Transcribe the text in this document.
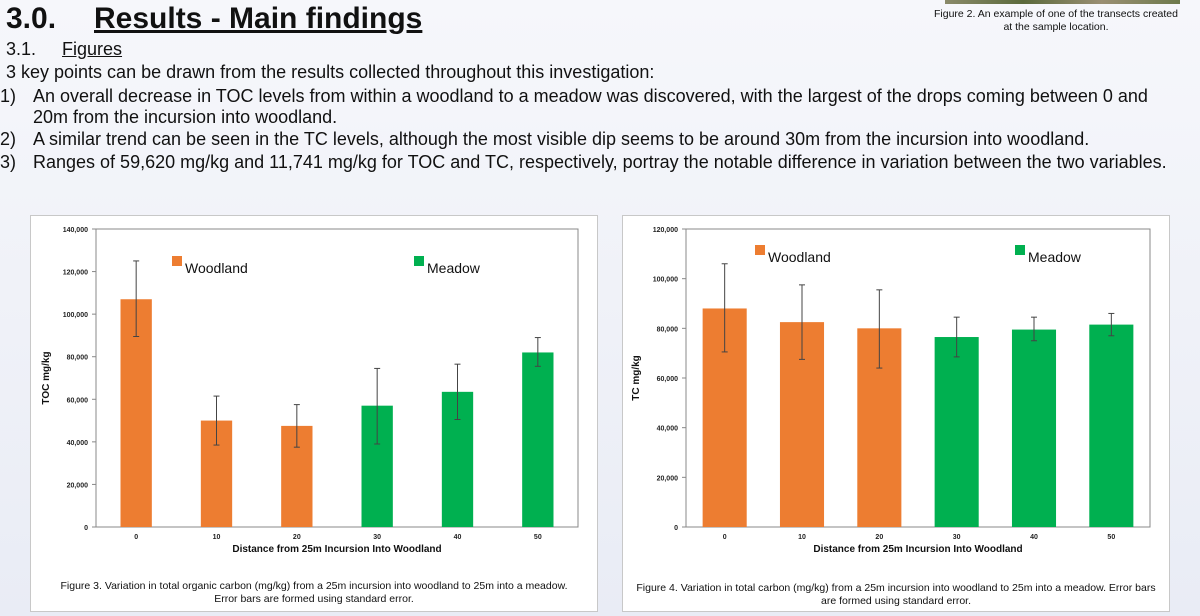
Figure 2. An example of one of the transects created at the sample location.
3.0. Results - Main findings
3.1. Figures
3 key points can be drawn from the results collected throughout this investigation:
1) An overall decrease in TOC levels from within a woodland to a meadow was discovered, with the largest of the drops coming between 0 and 20m from the incursion into woodland.
2) A similar trend can be seen in the TC levels, although the most visible dip seems to be around 30m from the incursion into woodland.
3) Ranges of 59,620 mg/kg and 11,741 mg/kg for TOC and TC, respectively, portray the notable difference in variation between the two variables.
0
20,000
40,000
60,000
80,000
100,000
120,000
140,000
0	10	20	30	40	50
Distance from 25m Incursion Into Woodland
TOC mg/kg
Woodland	Meadow
Figure 3. Variation in total organic carbon (mg/kg) from a 25m incursion into woodland to 25m into a meadow. Error bars are formed using standard error.
0
20,000
40,000
60,000
80,000
100,000
120,000
0	10	20	30	40	50
Distance from 25m Incursion Into Woodland
TC mg/kg
Woodland	Meadow
Figure 4. Variation in total carbon (mg/kg) from a 25m incursion into woodland to 25m into a meadow. Error bars are formed using standard error.
